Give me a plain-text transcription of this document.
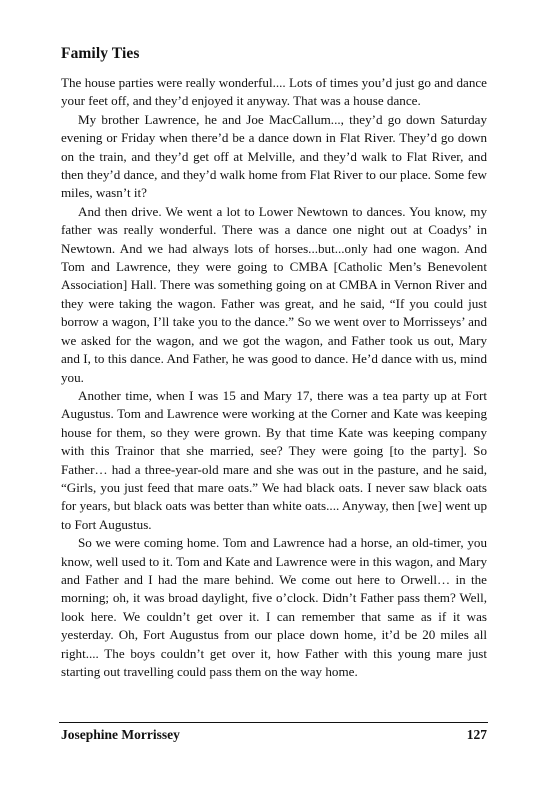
Family Ties

The house parties were really wonderful.... Lots of times you’d just go and dance your feet off, and they’d enjoyed it anyway. That was a house dance.

My brother Lawrence, he and Joe MacCallum..., they’d go down Saturday evening or Friday when there’d be a dance down in Flat River. They’d go down on the train, and they’d get off at Melville, and they’d walk to Flat River, and then they’d dance, and they’d walk home from Flat River to our place. Some few miles, wasn’t it?

And then drive. We went a lot to Lower Newtown to dances. You know, my father was really wonderful. There was a dance one night out at Coadys’ in Newtown. And we had always lots of horses...but...only had one wagon. And Tom and Lawrence, they were going to CMBA [Catholic Men’s Benevolent Association] Hall. There was something going on at CMBA in Vernon River and they were taking the wagon. Father was great, and he said, “If you could just borrow a wagon, I’ll take you to the dance.” So we went over to Morrisseys’ and we asked for the wagon, and we got the wagon, and Father took us out, Mary and I, to this dance. And Father, he was good to dance. He’d dance with us, mind you.

Another time, when I was 15 and Mary 17, there was a tea party up at Fort Augustus. Tom and Lawrence were working at the Corner and Kate was keeping house for them, so they were grown. By that time Kate was keeping company with this Trainor that she married, see? They were going [to the party]. So Father… had a three-year-old mare and she was out in the pasture, and he said, “Girls, you just feed that mare oats.” We had black oats. I never saw black oats for years, but black oats was better than white oats.... Anyway, then [we] went up to Fort Augustus.

So we were coming home. Tom and Lawrence had a horse, an old-timer, you know, well used to it. Tom and Kate and Lawrence were in this wagon, and Mary and Father and I had the mare behind. We come out here to Orwell… in the morning; oh, it was broad daylight, five o’clock. Didn’t Father pass them? Well, look here. We couldn’t get over it. I can remember that same as if it was yesterday. Oh, Fort Augustus from our place down home, it’d be 20 miles all right.... The boys couldn’t get over it, how Father with this young mare just starting out travelling could pass them on the way home.

Josephine Morrissey	127
